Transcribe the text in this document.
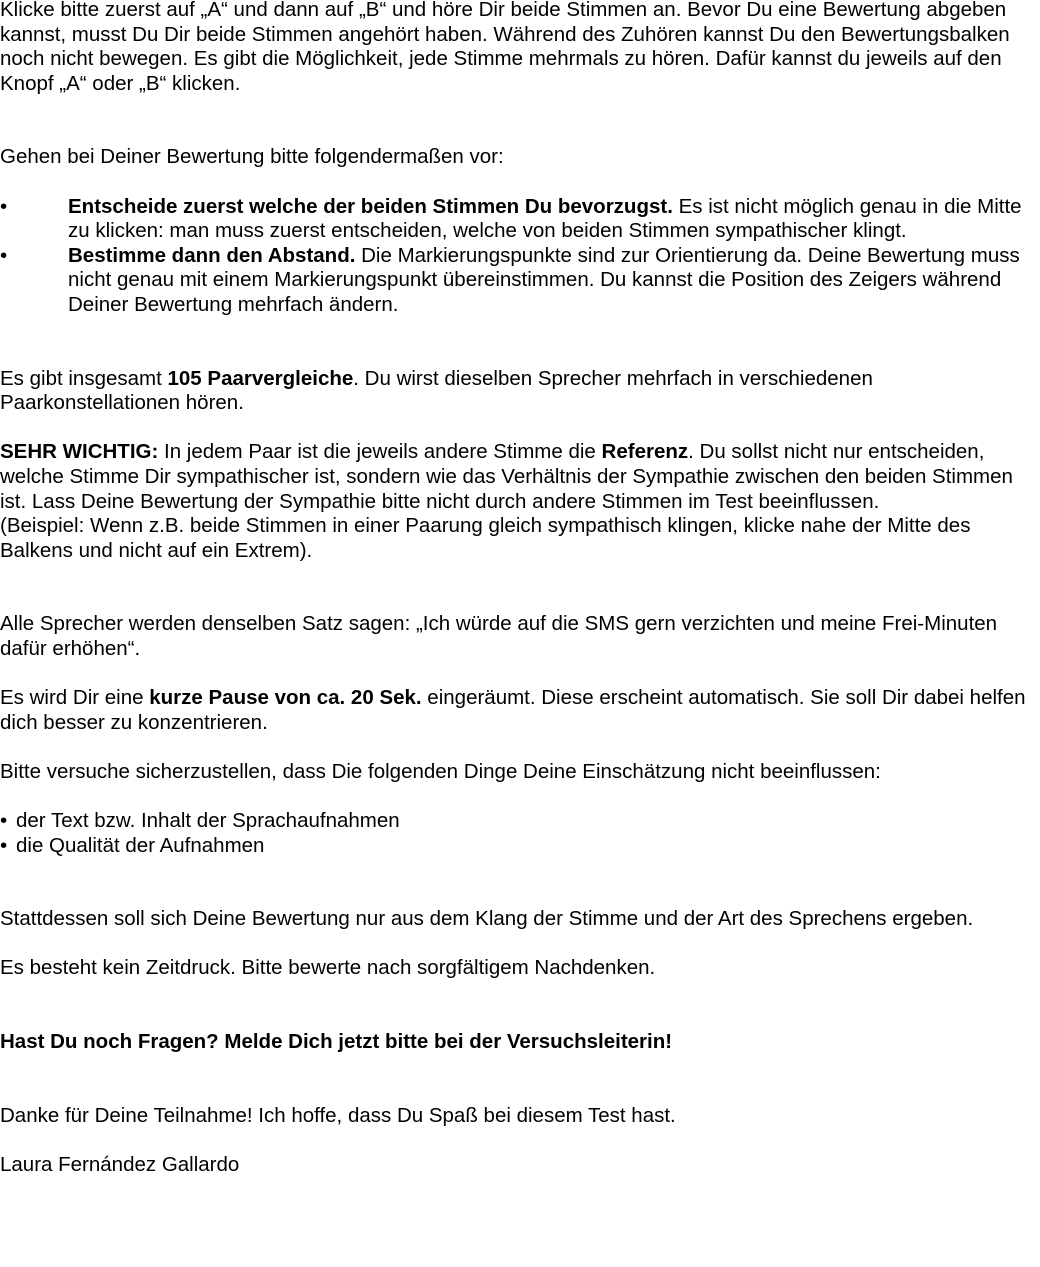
Klicke bitte zuerst auf „A“ und dann auf „B“ und höre Dir beide Stimmen an. Bevor Du eine Bewertung abgeben kannst, musst Du Dir beide Stimmen angehört haben. Während des Zuhören kannst Du den Bewertungsbalken noch nicht bewegen. Es gibt die Möglichkeit, jede Stimme mehrmals zu hören. Dafür kannst du jeweils auf den Knopf „A“ oder „B“ klicken.

Gehen bei Deiner Bewertung bitte folgendermaßen vor:

•	Entscheide zuerst welche der beiden Stimmen Du bevorzugst. Es ist nicht möglich genau in die Mitte zu klicken: man muss zuerst entscheiden, welche von beiden Stimmen sympathischer klingt.
•	Bestimme dann den Abstand. Die Markierungspunkte sind zur Orientierung da. Deine Bewertung muss nicht genau mit einem Markierungspunkt übereinstimmen. Du kannst die Position des Zeigers während Deiner Bewertung mehrfach ändern.

Es gibt insgesamt 105 Paarvergleiche. Du wirst dieselben Sprecher mehrfach in verschiedenen Paarkonstellationen hören.

SEHR WICHTIG: In jedem Paar ist die jeweils andere Stimme die Referenz. Du sollst nicht nur entscheiden, welche Stimme Dir sympathischer ist, sondern wie das Verhältnis der Sympathie zwischen den beiden Stimmen ist. Lass Deine Bewertung der Sympathie bitte nicht durch andere Stimmen im Test beeinflussen.

(Beispiel: Wenn z.B. beide Stimmen in einer Paarung gleich sympathisch klingen, klicke nahe der Mitte des Balkens und nicht auf ein Extrem).

Alle Sprecher werden denselben Satz sagen: „Ich würde auf die SMS gern verzichten und meine Frei-Minuten dafür erhöhen“.

Es wird Dir eine kurze Pause von ca. 20 Sek. eingeräumt. Diese erscheint automatisch. Sie soll Dir dabei helfen dich besser zu konzentrieren.

Bitte versuche sicherzustellen, dass Die folgenden Dinge Deine Einschätzung nicht beeinflussen:

• der Text bzw. Inhalt der Sprachaufnahmen
• die Qualität der Aufnahmen

Stattdessen soll sich Deine Bewertung nur aus dem Klang der Stimme und der Art des Sprechens ergeben.

Es besteht kein Zeitdruck. Bitte bewerte nach sorgfältigem Nachdenken.

Hast Du noch Fragen? Melde Dich jetzt bitte bei der Versuchsleiterin!

Danke für Deine Teilnahme! Ich hoffe, dass Du Spaß bei diesem Test hast.

Laura Fernández Gallardo
